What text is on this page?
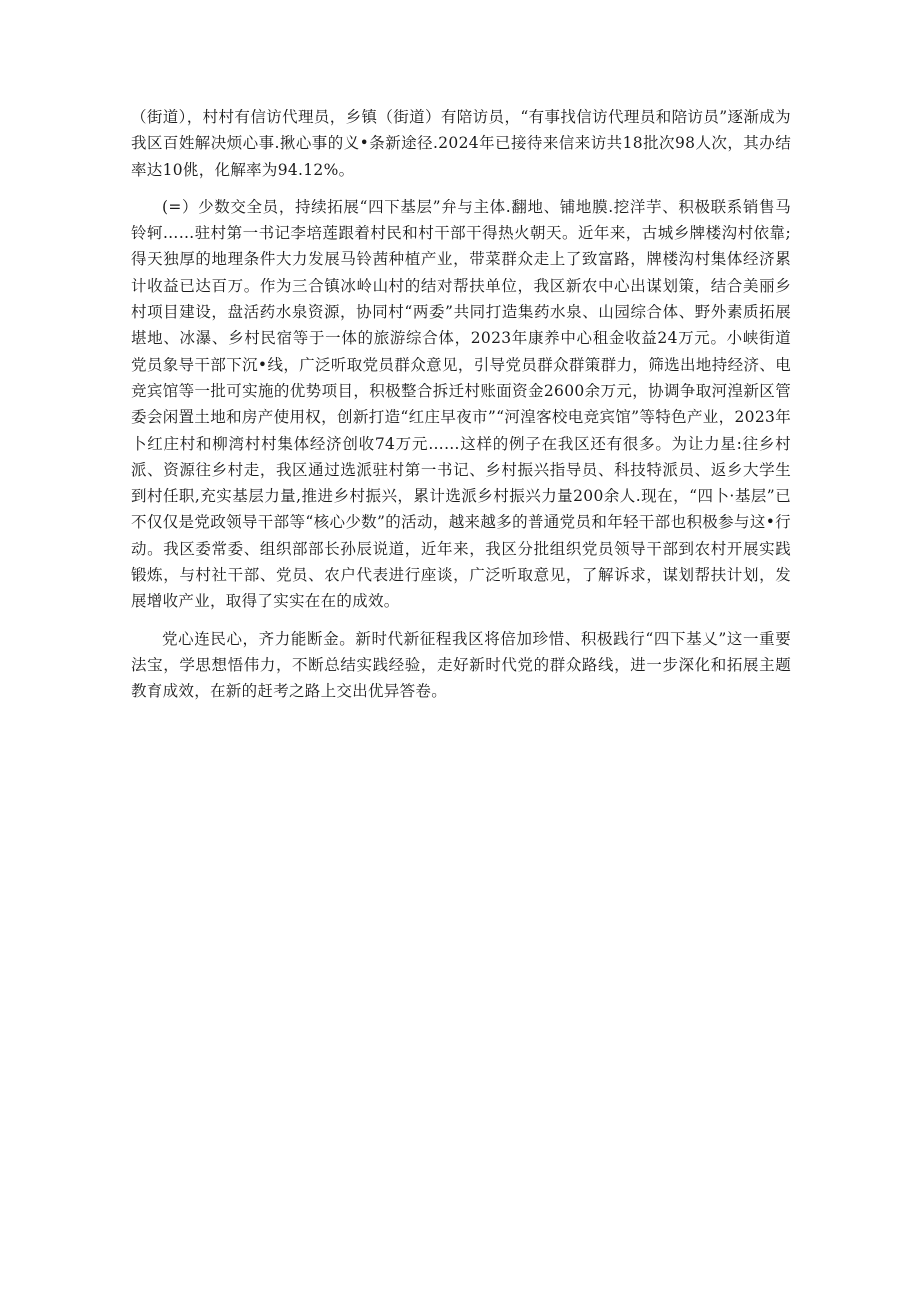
（街道），村村有信访代理员，乡镇（街道）有陪访员，“有事找信访代理员和陪访员”逐渐成为我区百姓解决烦心事.揪心事的义•条新途径.2024年已接待来信来访共18批次98人次，其办结率达10佻，化解率为94.12%。

(=）少数交全员，持续拓展“四下基层”弁与主体.翻地、铺地膜.挖洋芋、积极联系销售马铃轲……驻村第一书记李培莲跟着村民和村干部干得热火朝天。近年来，古城乡牌楼沟村依靠;得天独厚的地理条件大力发展马铃茜种植产业，带菜群众走上了致富路，牌楼沟村集体经济累计收益已达百万。作为三合镇冰岭山村的结对帮扶单位，我区新农中心出谋划策，结合美丽乡村项目建设，盘活药水泉资源，协同村“两委”共同打造集药水泉、山园综合体、野外素质拓展堪地、冰瀑、乡村民宿等于一体的旅游综合体，2023年康养中心租金收益24万元。小峡街道党员象导干部下沉•线，广泛听取党员群众意见，引导党员群众群策群力，筛选出地持经济、电竞宾馆等一批可实施的优势项目，积极整合拆迁村账面资金2600余万元，协调争取河湟新区管委会闲置土地和房产使用权，创新打造“红庄早夜市”“河湟客校电竞宾馆”等特色产业，2023年卜红庄村和柳湾村村集体经济创收74万元……这样的例子在我区还有很多。为让力星:往乡村派、资源往乡村走，我区通过选派驻村第一书记、乡村振兴指导员、科技特派员、返乡大学生到村任职,充实基层力量,推进乡村振兴，累计选派乡村振兴力量200余人.现在，“四卜·基层”已不仅仅是党政领导干部等“核心少数”的活动，越来越多的普通党员和年轻干部也积极参与这•行动。我区委常委、组织部部长孙辰说道，近年来，我区分批组织党员领导干部到农村开展实践锻炼，与村社干部、党员、农户代表进行座谈，广泛听取意见，了解诉求，谋划帮扶计划，发展增收产业，取得了实实在在的成效。

党心连民心，齐力能断金。新时代新征程我区将倍加珍惜、积极践行“四下基乂”这一重要法宝，学思想悟伟力，不断总结实践经验，走好新时代党的群众路线，进一步深化和拓展主题教育成效，在新的赶考之路上交出优异答卷。
